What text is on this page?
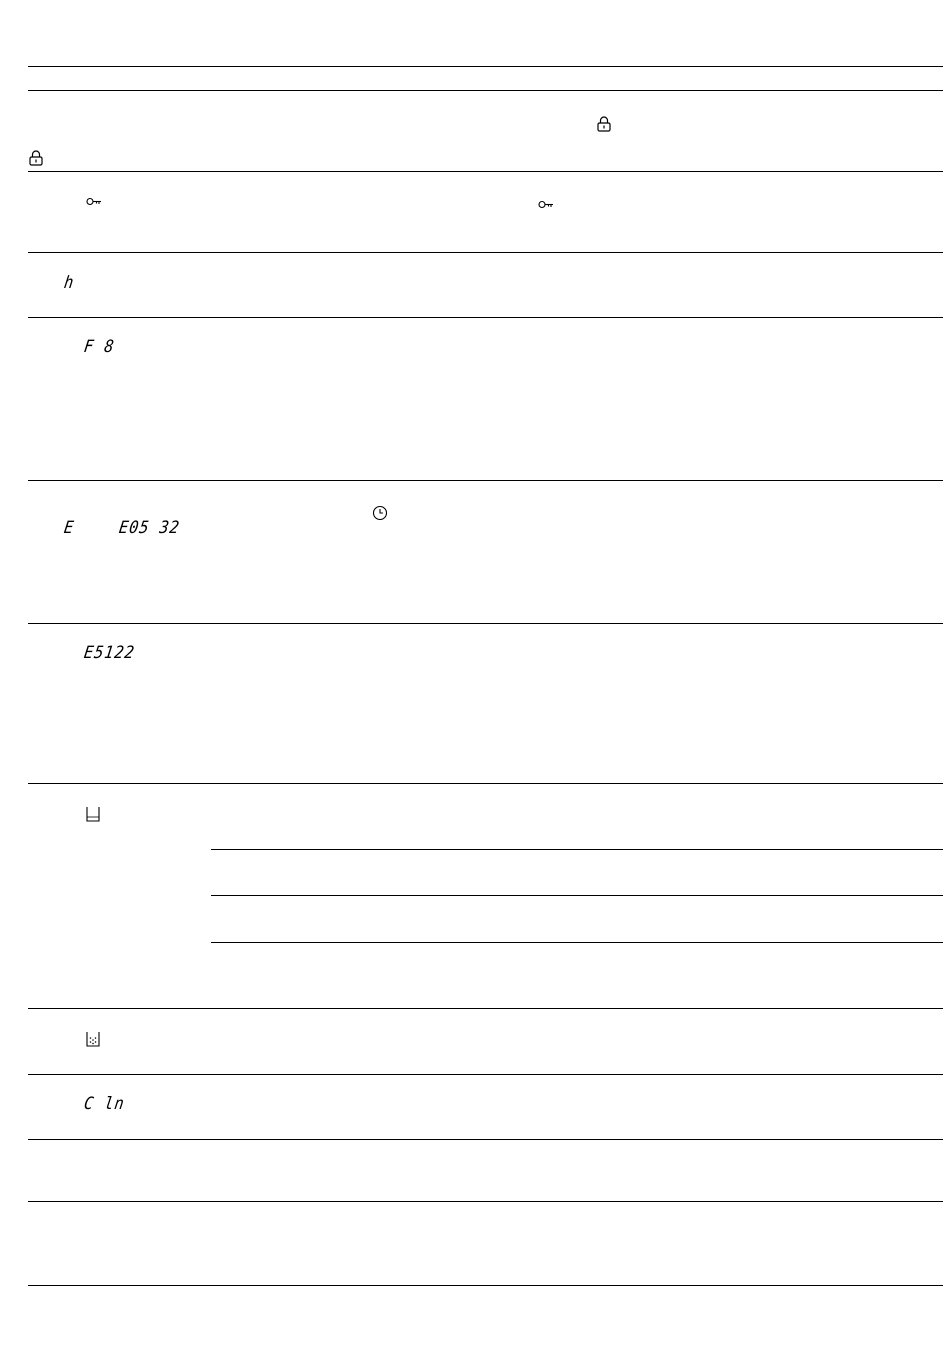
h
F 8
E E05 32
E5122
C ln
